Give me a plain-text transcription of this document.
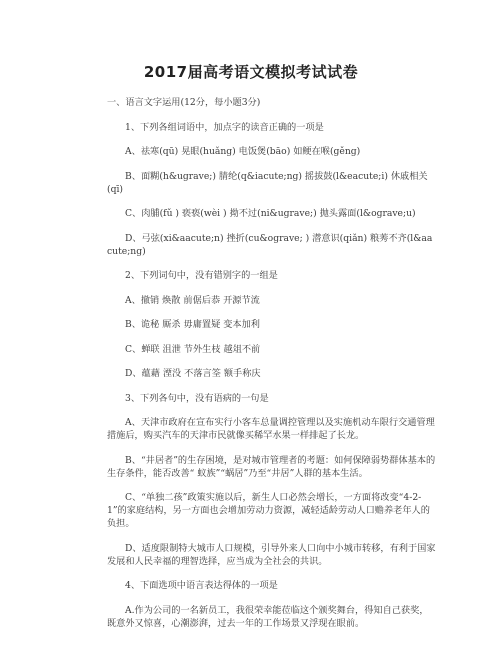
2017届高考语文模拟考试试卷

一、语言文字运用(12分，每小题3分)

1、下列各组词语中，加点字的读音正确的一项是

A、祛寒(qū) 晃眼(huǎng) 电饭煲(bāo) 如鲠在喉(gěng)

B、面糊(h&ugrave;) 腈纶(q&iacute;ng) 摇拔鼓(l&eacute;i) 休戚相关(qī)

C、肉脯(fǔ ) 亵亵(wèi ) 拗不过(ni&ugrave;) 抛头露面(l&ograve;u)

D、弓弦(xi&aacute;n) 挫折(cu&ograve; ) 潜意识(qiǎn) 粮莠不齐(l&aacute;ng)

2、下列词句中，没有错别字的一组是

A、撤销 焕散 前倨后恭 开源节流

B、诡秘 厮杀 毋庸置疑 变本加利

C、蝉联 沮泄 节外生枝 越俎不前

D、蕴藉 湮没 不落言筌 额手称庆

3、下列各句中，没有语病的一句是

A、天津市政府在宣布实行小客车总量调控管理以及实施机动车限行交通管理措施后，购买汽车的天津市民就像买稀罕水果一样排起了长龙。

B、“井居者”的生存困境，是对城市管理者的考题：如何保障弱势群体基本的生存条件，能否改善“ 蚁族”“蜗居”乃至“井居”人群的基本生活。

C、“单独二孩”政策实施以后，新生人口必然会增长，一方面将改变“4-2-1”的家庭结构，另一方面也会增加劳动力资源，减轻适龄劳动人口赡养老年人的负担。

D、适度限制特大城市人口规模，引导外来人口向中小城市转移，有利于国家发展和人民幸福的理智选择，应当成为全社会的共识。

4、下面选项中语言表达得体的一项是

A.作为公司的一名新员工，我很荣幸能莅临这个颁奖舞台，得知自己获奖，既意外又惊喜，心潮澎湃，过去一年的工作场景又浮现在眼前。
